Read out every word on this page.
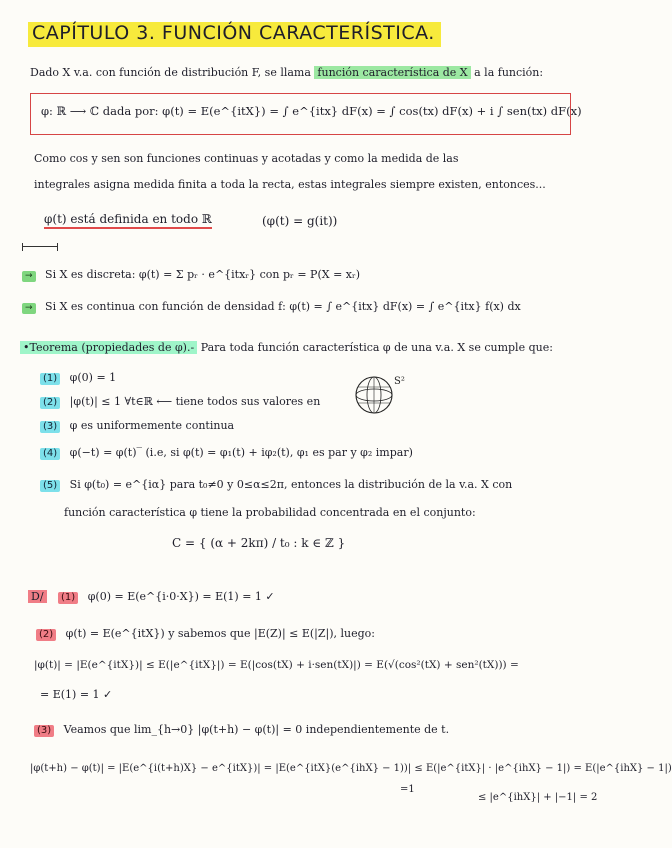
CAPÍTULO 3. FUNCIÓN CARACTERÍSTICA.
Dado X v.a. con función de distribución F, se llama función característica de X a la función:
φ: ℝ ⟶ ℂ dada por: φ(t) = E(e^{itX}) = ∫ e^{itx} dF(x) = ∫ cos(tx) dF(x) + i ∫ sen(tx) dF(x)
Como cos y sen son funciones continuas y acotadas y como la medida de las
integrales asigna medida finita a toda la recta, estas integrales siempre existen, entonces...
φ(t) está definida en todo ℝ	(φ(t) = g(it))
→ Si X es discreta: φ(t) = Σ pᵣ · e^{itxᵣ} con pᵣ = P(X = xᵣ)
→ Si X es continua con función de densidad f: φ(t) = ∫ e^{itx} dF(x) = ∫ e^{itx} f(x) dx
•Teorema (propiedades de φ).- Para toda función característica φ de una v.a. X se cumple que:
(1) φ(0) = 1
(2) |φ(t)| ≤ 1 ∀t∈ℝ ⟵ tiene todos sus valores en
S²
(3) φ es uniformemente continua
(4) φ(−t) = φ(t)‾ (i.e, si φ(t) = φ₁(t) + iφ₂(t), φ₁ es par y φ₂ impar)
(5) Si φ(t₀) = e^{iα} para t₀≠0 y 0≤α≤2π, entonces la distribución de la v.a. X con
función característica φ tiene la probabilidad concentrada en el conjunto:
C = { (α + 2kπ) / t₀ : k ∈ ℤ }
D/ (1) φ(0) = E(e^{i·0·X}) = E(1) = 1 ✓
(2) φ(t) = E(e^{itX}) y sabemos que |E(Z)| ≤ E(|Z|), luego:
|φ(t)| = |E(e^{itX})| ≤ E(|e^{itX}|) = E(|cos(tX) + i·sen(tX)|) = E(√(cos²(tX) + sen²(tX))) =
= E(1) = 1 ✓
(3) Veamos que lim_{h→0} |φ(t+h) − φ(t)| = 0 independientemente de t.
|φ(t+h) − φ(t)| = |E(e^{i(t+h)X} − e^{itX})| = |E(e^{itX}(e^{ihX} − 1))| ≤ E(|e^{itX}| · |e^{ihX} − 1|) = E(|e^{ihX} − 1|)
=1
≤ |e^{ihX}| + |−1| = 2
